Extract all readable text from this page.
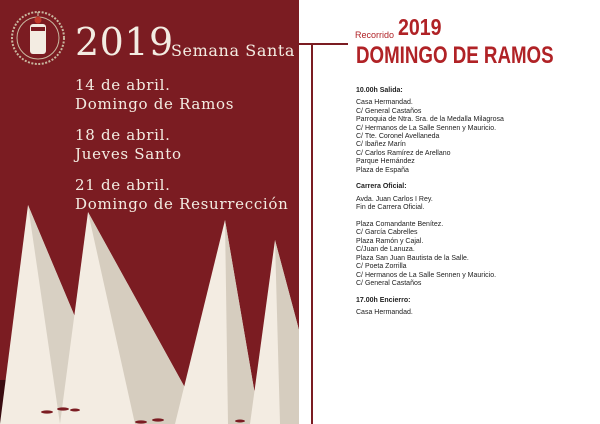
2019
Semana Santa
14 de abril.
Domingo de Ramos
18 de abril.
Jueves Santo
21 de abril.
Domingo de Resurrección
Recorrido 2019
DOMINGO DE RAMOS
10.00h Salida:
Casa Hermandad.
C/ General Castaños
Parroquia de Ntra. Sra. de la Medalla Milagrosa
C/ Hermanos de La Salle Sennen y Mauricio.
C/ Tte. Coronel Avellaneda
C/ Ibañez Marín
C/ Carlos Ramírez de Arellano
Parque Hernández
Plaza de España
Carrera Oficial:
Avda. Juan Carlos I Rey.
Fin de Carrera Oficial.
Plaza Comandante Benítez.
C/ García Cabrelles
Plaza Ramón y Cajal.
C/Juan de Lanuza.
Plaza San Juan Bautista de la Salle.
C/ Poeta Zorrilla
C/ Hermanos de La Salle Sennen y Mauricio.
C/ General Castaños
17.00h Encierro:
Casa Hermandad.
